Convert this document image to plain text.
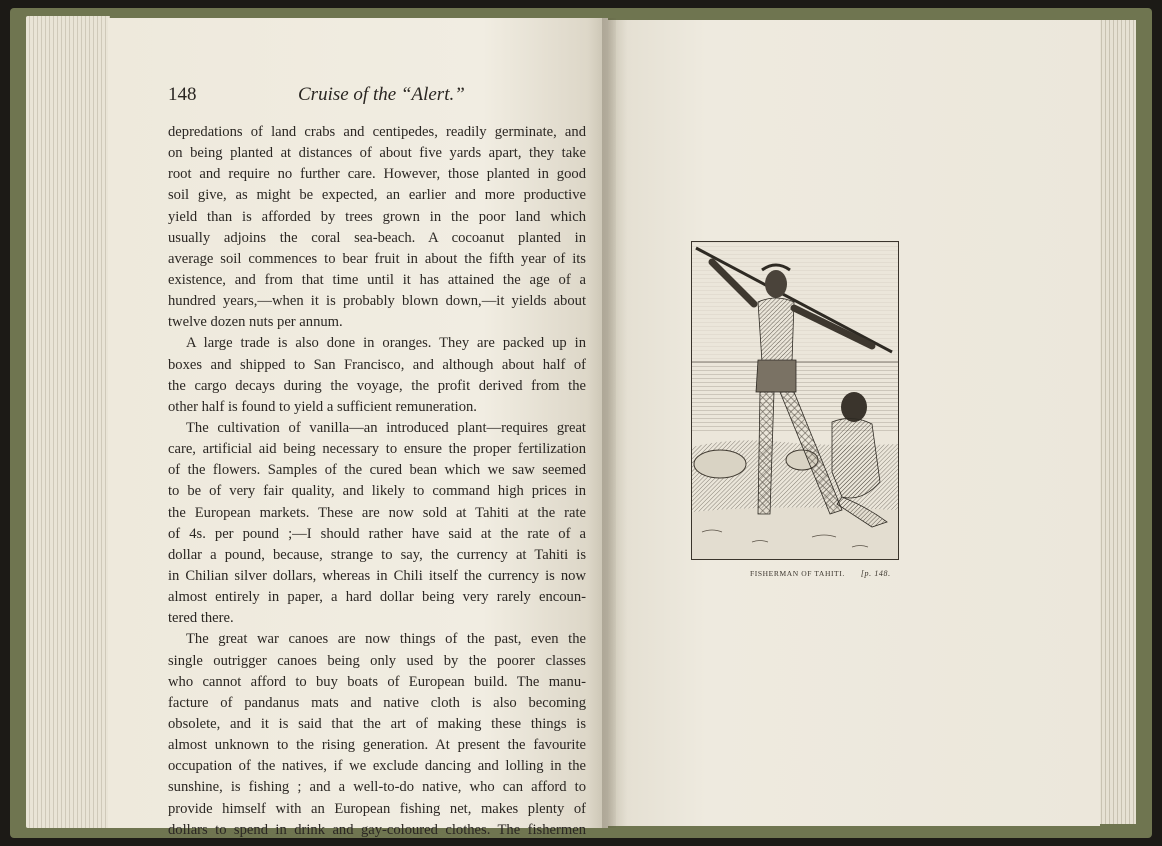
148	Cruise of the “Alert.”
depredations of land crabs and centipedes, readily germinate, and
on being planted at distances of about five yards apart, they take
root and require no further care. However, those planted in good
soil give, as might be expected, an earlier and more productive
yield than is afforded by trees grown in the poor land which
usually adjoins the coral sea-beach. A cocoanut planted in
average soil commences to bear fruit in about the fifth year of its
existence, and from that time until it has attained the age of a
hundred years,—when it is probably blown down,—it yields about
twelve dozen nuts per annum.
A large trade is also done in oranges. They are packed up in
boxes and shipped to San Francisco, and although about half of
the cargo decays during the voyage, the profit derived from the
other half is found to yield a sufficient remuneration.
The cultivation of vanilla—an introduced plant—requires great
care, artificial aid being necessary to ensure the proper fertilization
of the flowers. Samples of the cured bean which we saw seemed
to be of very fair quality, and likely to command high prices in
the European markets. These are now sold at Tahiti at the rate
of 4s. per pound ;—I should rather have said at the rate of a
dollar a pound, because, strange to say, the currency at Tahiti is
in Chilian silver dollars, whereas in Chili itself the currency is now
almost entirely in paper, a hard dollar being very rarely encoun-
tered there.
The great war canoes are now things of the past, even the
single outrigger canoes being only used by the poorer classes
who cannot afford to buy boats of European build. The manu-
facture of pandanus mats and native cloth is also becoming
obsolete, and it is said that the art of making these things is
almost unknown to the rising generation. At present the favourite
occupation of the natives, if we exclude dancing and lolling in the
sunshine, is fishing ; and a well-to-do native, who can afford to
provide himself with an European fishing net, makes plenty of
dollars to spend in drink and gay-coloured clothes. The fishermen
FISHERMAN OF TAHITI. [p. 148.
